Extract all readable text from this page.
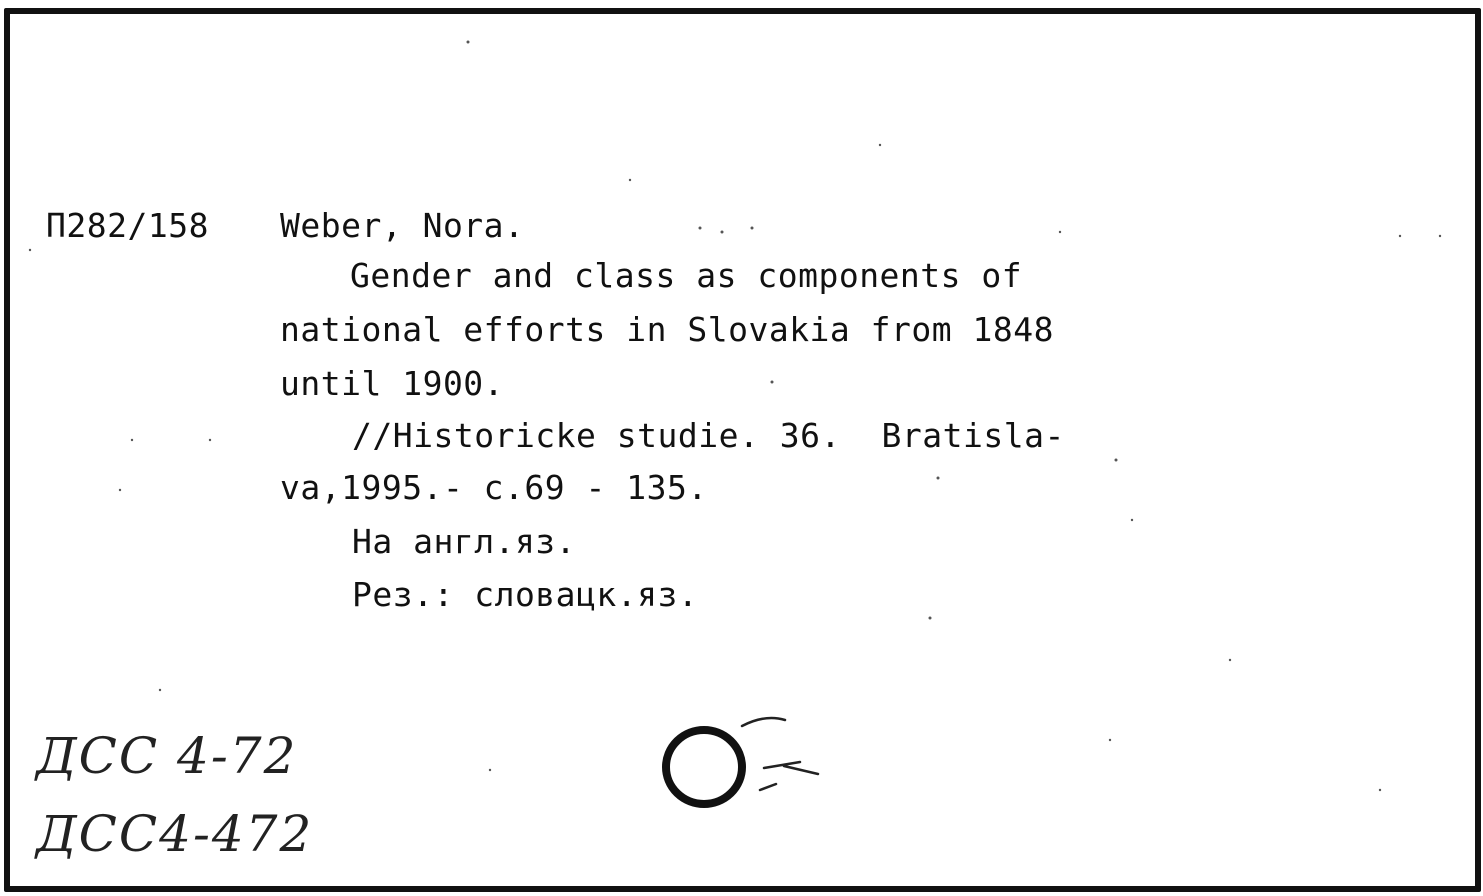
П282/158 Weber, Nora.
Gender and class as components of
national efforts in Slovakia from 1848
until 1900.
//Historicke studie. 36.  Bratisla-
va,1995.- c.69 - 135.
На англ.яз.
Рез.: словацк.яз.
ДСС 4-72
ДСС4-472
